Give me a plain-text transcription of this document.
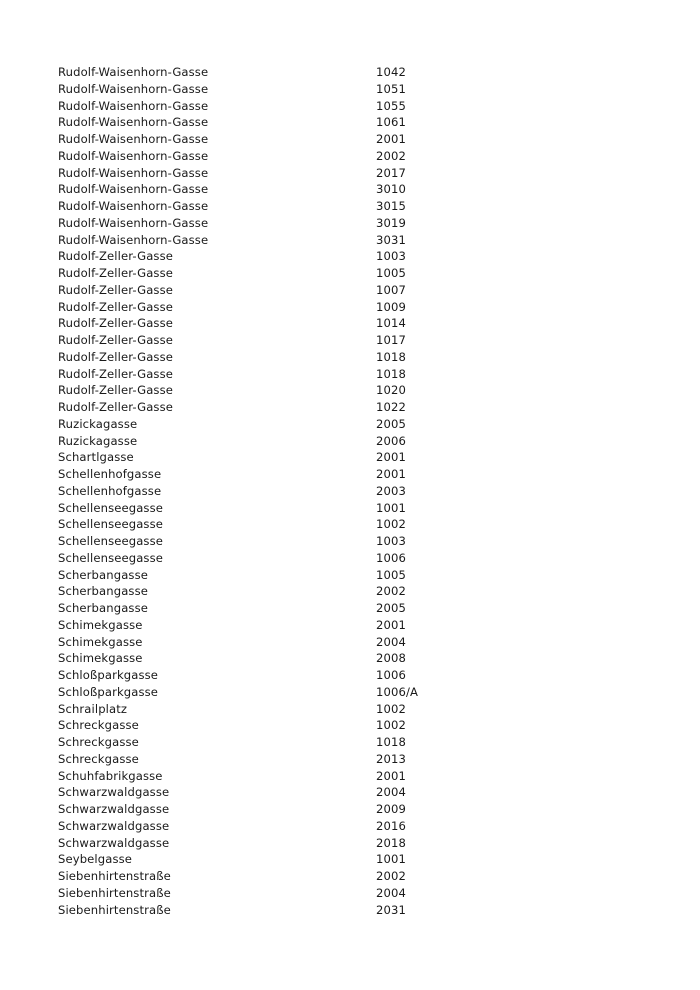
Rudolf-Waisenhorn-Gasse	1042
Rudolf-Waisenhorn-Gasse	1051
Rudolf-Waisenhorn-Gasse	1055
Rudolf-Waisenhorn-Gasse	1061
Rudolf-Waisenhorn-Gasse	2001
Rudolf-Waisenhorn-Gasse	2002
Rudolf-Waisenhorn-Gasse	2017
Rudolf-Waisenhorn-Gasse	3010
Rudolf-Waisenhorn-Gasse	3015
Rudolf-Waisenhorn-Gasse	3019
Rudolf-Waisenhorn-Gasse	3031
Rudolf-Zeller-Gasse	1003
Rudolf-Zeller-Gasse	1005
Rudolf-Zeller-Gasse	1007
Rudolf-Zeller-Gasse	1009
Rudolf-Zeller-Gasse	1014
Rudolf-Zeller-Gasse	1017
Rudolf-Zeller-Gasse	1018
Rudolf-Zeller-Gasse	1018
Rudolf-Zeller-Gasse	1020
Rudolf-Zeller-Gasse	1022
Ruzickagasse	2005
Ruzickagasse	2006
Schartlgasse	2001
Schellenhofgasse	2001
Schellenhofgasse	2003
Schellenseegasse	1001
Schellenseegasse	1002
Schellenseegasse	1003
Schellenseegasse	1006
Scherbangasse	1005
Scherbangasse	2002
Scherbangasse	2005
Schimekgasse	2001
Schimekgasse	2004
Schimekgasse	2008
Schloßparkgasse	1006
Schloßparkgasse	1006/A
Schrailplatz	1002
Schreckgasse	1002
Schreckgasse	1018
Schreckgasse	2013
Schuhfabrikgasse	2001
Schwarzwaldgasse	2004
Schwarzwaldgasse	2009
Schwarzwaldgasse	2016
Schwarzwaldgasse	2018
Seybelgasse	1001
Siebenhirtenstraße	2002
Siebenhirtenstraße	2004
Siebenhirtenstraße	2031
